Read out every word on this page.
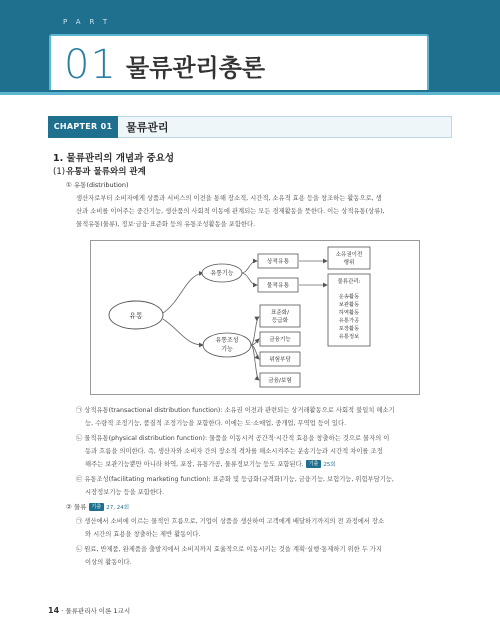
PART
01 물류관리총론
CHAPTER 01	물류관리
1. 물류관리의 개념과 중요성
(1)유통과 물류와의 관계
① 유통(distribution)
생산자로부터 소비자에게 상품과 서비스의 이전을 통해 장소적, 시간적, 소유적 효용 등을 창조하는 활동으로, 생
산과 소비를 이어주는 중간기능, 생산품의 사회적 이동에 관계되는 모든 경제활동을 뜻한다. 이는 상적유통(상류),
물적유통(물류), 정보·금융·표준화 등의 유통조성활동을 포함한다.
유통
유통기능
유통조성
기능
상적유통
물적유통
소유권이전
행위
물류관리:
운송활동
보관활동
하역활동
유통가공
포장활동
유통정보
표준화/
등급화
금융기능
위험부담
금융/보험
㉠ 상적유통(transactional distribution function): 소유권 이전과 관련되는 상거래활동으로 사회적 불일치 해소기
능, 수량적 조정기능, 품질적 조정기능을 포함한다. 이에는 도·소매업, 중개업, 무역업 등이 있다.
㉡ 물적유통(physical distribution function): 물품을 이동시켜 공간적·시간적 효용을 창출하는 것으로 물자의 이
동과 흐름을 의미한다. 즉, 생산자와 소비자 간의 장소적 격차를 해소시켜주는 운송기능과 시간적 차이를 조정
해주는 보관기능뿐만 아니라 하역, 포장, 유통가공, 물류정보기능 등도 포함된다. 기출 25회
㉢ 유통조성(facilitating marketing function): 표준화 및 등급화(규격화)기능, 금융기능, 보험기능, 위험부담기능,
시장정보기능 등을 포함한다.
② 물류 기출 27, 24회
㉠ 생산에서 소비에 이르는 물적인 흐름으로, 기업이 상품을 생산하여 고객에게 배달하기까지의 전 과정에서 장소
와 시간의 효용을 창출하는 제반 활동이다.
㉡ 원료, 반제품, 완제품을 출발지에서 소비지까지 효율적으로 이동시키는 것을 계획·실행·통제하기 위한 두 가지
이상의 활동이다.
14 · 물류관리사 이론 1교시
